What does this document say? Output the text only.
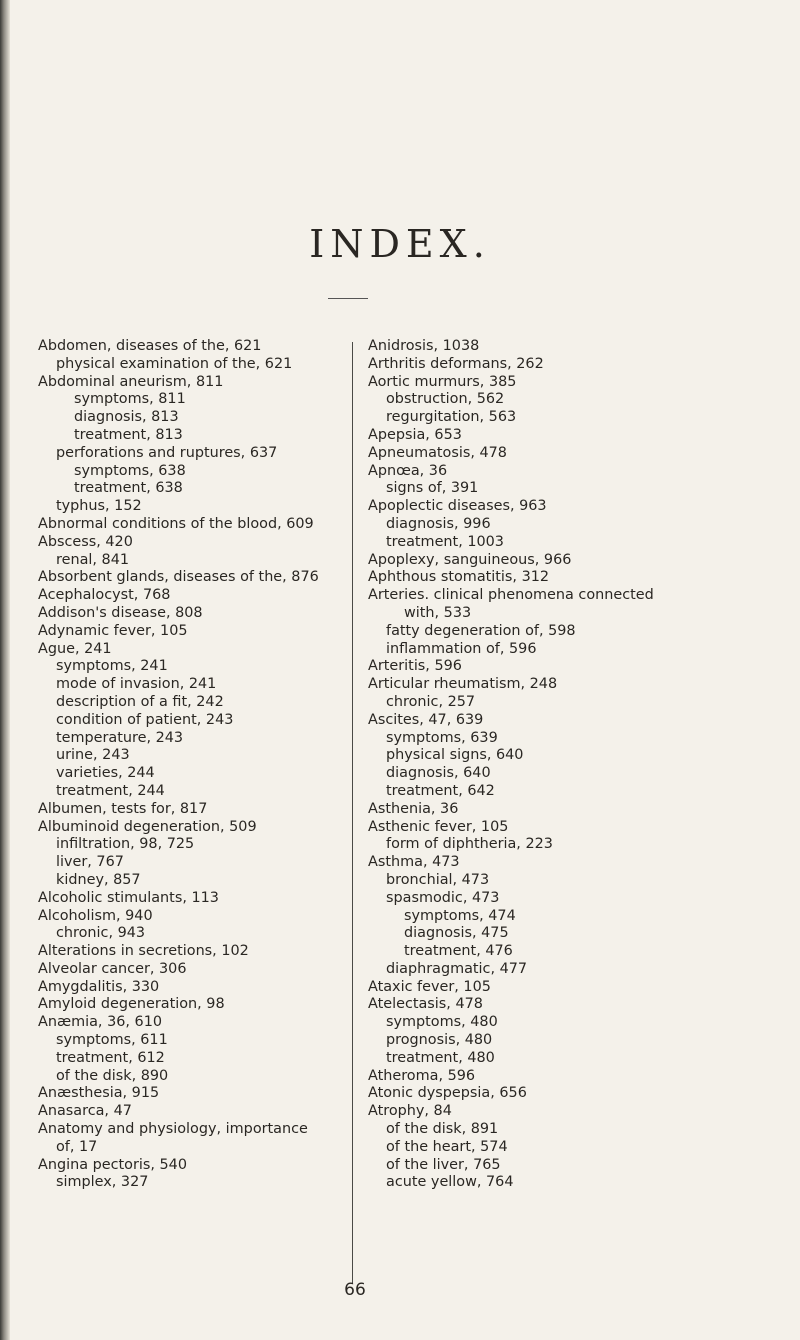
INDEX.
Abdomen, diseases of the, 621
physical examination of the, 621
Abdominal aneurism, 811
symptoms, 811
diagnosis, 813
treatment, 813
perforations and ruptures, 637
symptoms, 638
treatment, 638
typhus, 152
Abnormal conditions of the blood, 609
Abscess, 420
renal, 841
Absorbent glands, diseases of the, 876
Acephalocyst, 768
Addison's disease, 808
Adynamic fever, 105
Ague, 241
symptoms, 241
mode of invasion, 241
description of a fit, 242
condition of patient, 243
temperature, 243
urine, 243
varieties, 244
treatment, 244
Albumen, tests for, 817
Albuminoid degeneration, 509
infiltration, 98, 725
liver, 767
kidney, 857
Alcoholic stimulants, 113
Alcoholism, 940
chronic, 943
Alterations in secretions, 102
Alveolar cancer, 306
Amygdalitis, 330
Amyloid degeneration, 98
Anæmia, 36, 610
symptoms, 611
treatment, 612
of the disk, 890
Anæsthesia, 915
Anasarca, 47
Anatomy and physiology, importance
of, 17
Angina pectoris, 540
simplex, 327
Anidrosis, 1038
Arthritis deformans, 262
Aortic murmurs, 385
obstruction, 562
regurgitation, 563
Apepsia, 653
Apneumatosis, 478
Apnœa, 36
signs of, 391
Apoplectic diseases, 963
diagnosis, 996
treatment, 1003
Apoplexy, sanguineous, 966
Aphthous stomatitis, 312
Arteries. clinical phenomena connected
with, 533
fatty degeneration of, 598
inflammation of, 596
Arteritis, 596
Articular rheumatism, 248
chronic, 257
Ascites, 47, 639
symptoms, 639
physical signs, 640
diagnosis, 640
treatment, 642
Asthenia, 36
Asthenic fever, 105
form of diphtheria, 223
Asthma, 473
bronchial, 473
spasmodic, 473
symptoms, 474
diagnosis, 475
treatment, 476
diaphragmatic, 477
Ataxic fever, 105
Atelectasis, 478
symptoms, 480
prognosis, 480
treatment, 480
Atheroma, 596
Atonic dyspepsia, 656
Atrophy, 84
of the disk, 891
of the heart, 574
of the liver, 765
acute yellow, 764
66
